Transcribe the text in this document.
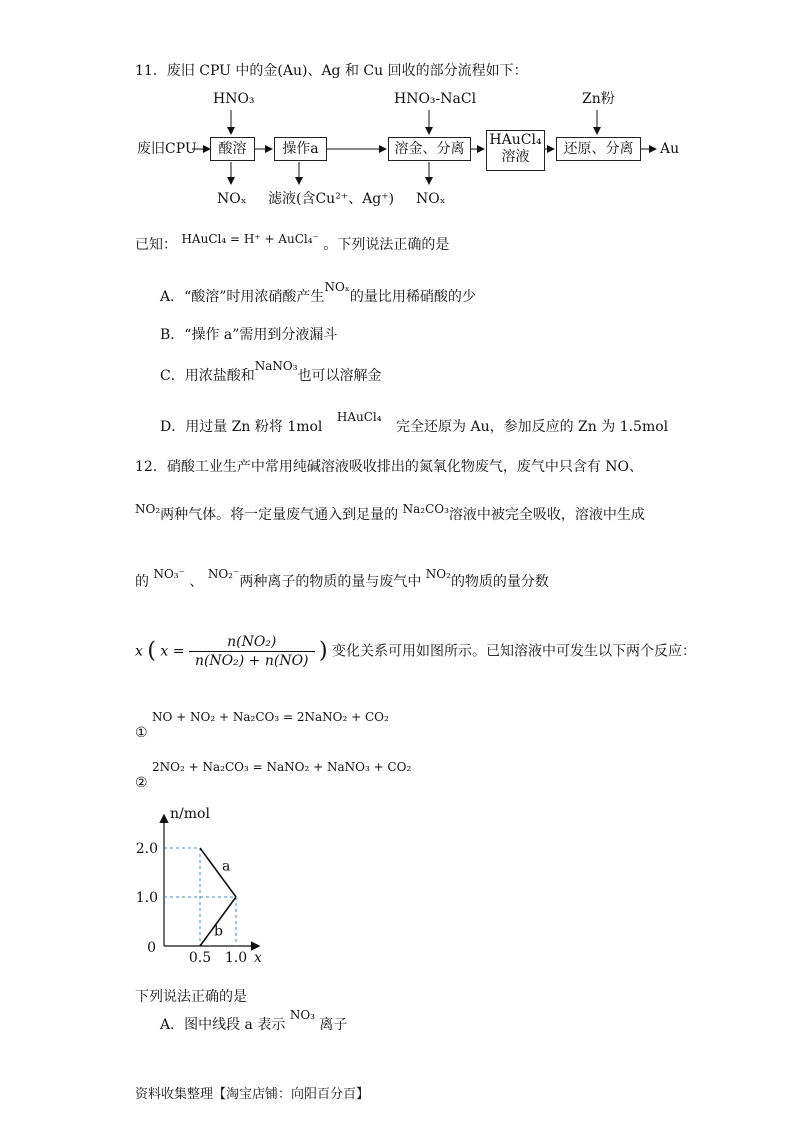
11．废旧 CPU 中的金(Au)、Ag 和 Cu 回收的部分流程如下：
废旧CPU
HNO₃	HNO₃-NaCl	Zn粉
酸溶	操作a	溶金、分离
HAuCl₄
溶液	还原、分离	Au
NOₓ 滤液(含Cu²⁺、Ag⁺) NOₓ
已知： HAuCl₄ = H⁺ + AuCl₄⁻ 。下列说法正确的是
A．“酸溶”时用浓硝酸产生NOₓ的量比用稀硝酸的少
B．“操作 a”需用到分液漏斗
C．用浓盐酸和NaNO₃也可以溶解金
D．用过量 Zn 粉将 1mol HAuCl₄ 完全还原为 Au，参加反应的 Zn 为 1.5mol
12．硝酸工业生产中常用纯碱溶液吸收排出的氮氧化物废气，废气中只含有 NO、
NO₂两种气体。将一定量废气通入到足量的 Na₂CO₃溶液中被完全吸收，溶液中生成
的 NO₃⁻ 、 NO₂⁻两种离子的物质的量与废气中 NO₂的物质的量分数
x ( $x = \frac{\text{n(NO₂)}}{\text{n(NO₂) + n(NO)}}$ ) 变化关系可用如图所示。已知溶液中可发生以下两个反应：
① NO + NO₂ + Na₂CO₃ = 2NaNO₂ + CO₂
② 2NO₂ + Na₂CO₃ = NaNO₂ + NaNO₃ + CO₂
a
b
0.5 1.0
1.0
2.0
0
x
n/mol
下列说法正确的是
A．图中线段 a 表示 NO₃ 离子
资料收集整理【淘宝店铺：向阳百分百】
